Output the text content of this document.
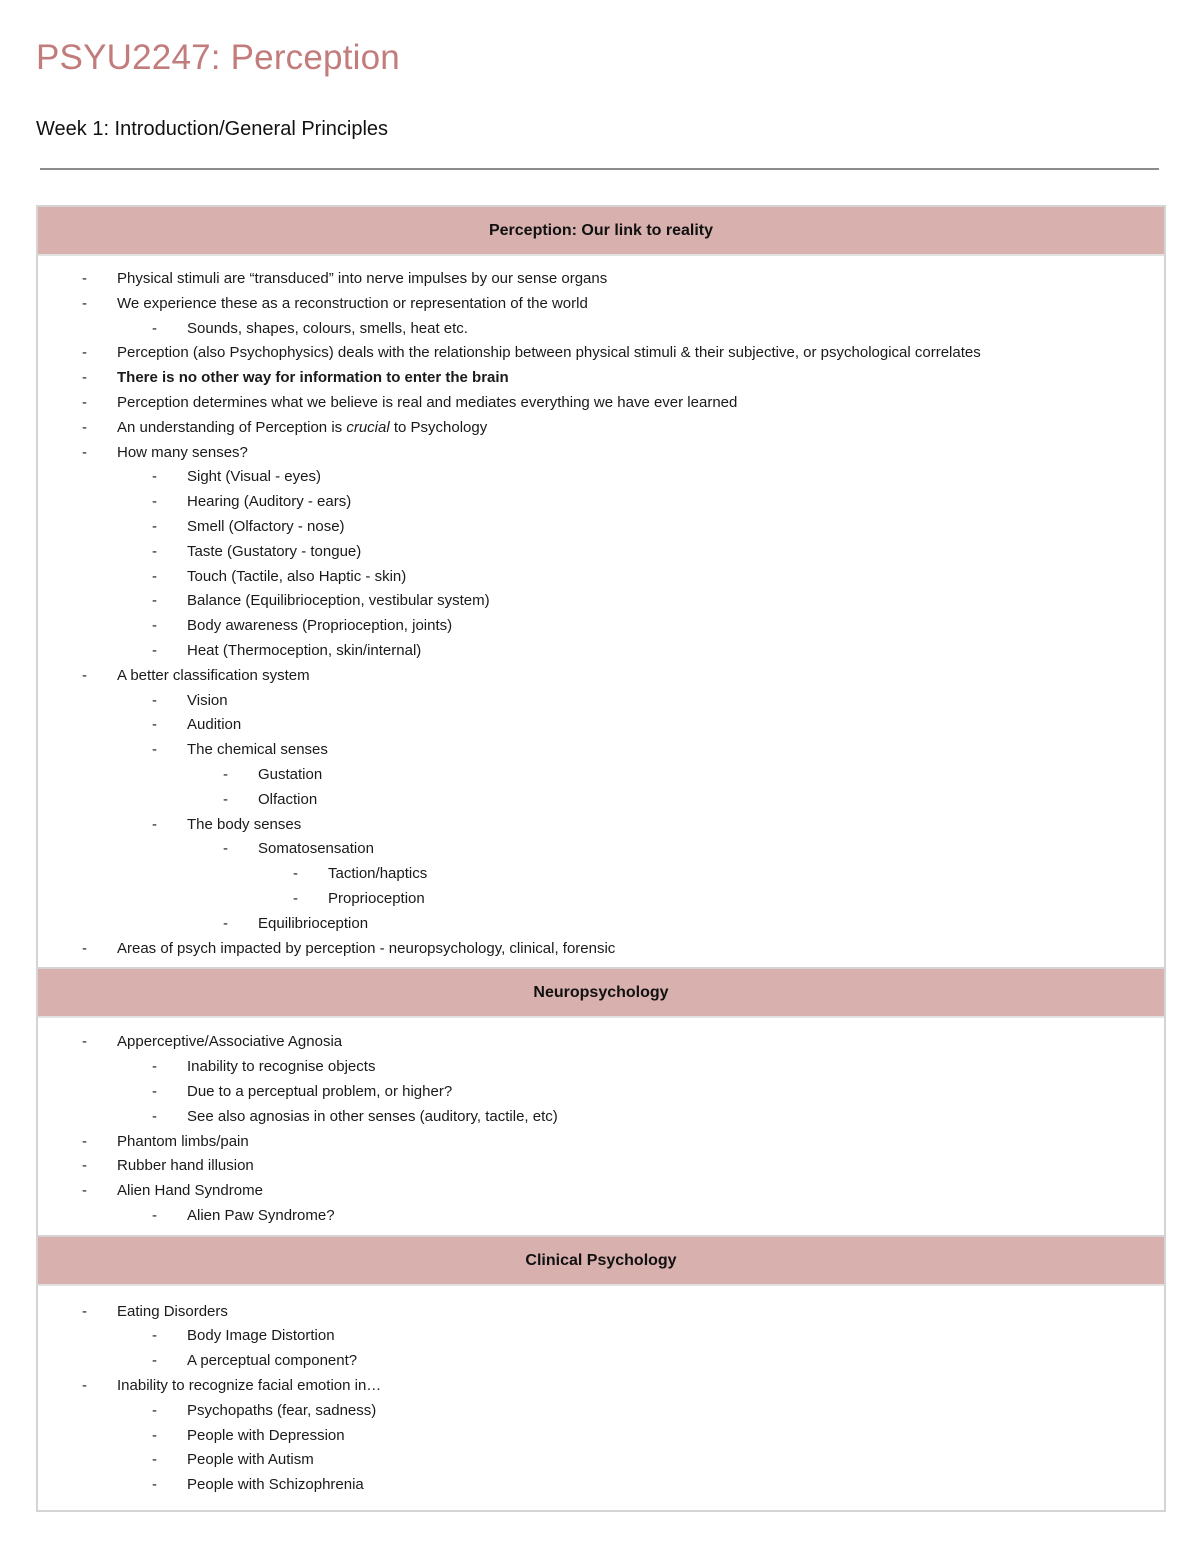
PSYU2247: Perception
Week 1: Introduction/General Principles
Perception: Our link to reality
- Physical stimuli are “transduced” into nerve impulses by our sense organs
- We experience these as a reconstruction or representation of the world
- Sounds, shapes, colours, smells, heat etc.
- Perception (also Psychophysics) deals with the relationship between physical stimuli & their subjective, or psychological correlates
- There is no other way for information to enter the brain
- Perception determines what we believe is real and mediates everything we have ever learned
- An understanding of Perception is crucial to Psychology
- How many senses?
- Sight (Visual - eyes)
- Hearing (Auditory - ears)
- Smell (Olfactory - nose)
- Taste (Gustatory - tongue)
- Touch (Tactile, also Haptic - skin)
- Balance (Equilibrioception, vestibular system)
- Body awareness (Proprioception, joints)
- Heat (Thermoception, skin/internal)
- A better classification system
- Vision
- Audition
- The chemical senses
- Gustation
- Olfaction
- The body senses
- Somatosensation
- Taction/haptics
- Proprioception
- Equilibrioception
- Areas of psych impacted by perception - neuropsychology, clinical, forensic
Neuropsychology
- Apperceptive/Associative Agnosia
- Inability to recognise objects
- Due to a perceptual problem, or higher?
- See also agnosias in other senses (auditory, tactile, etc)
- Phantom limbs/pain
- Rubber hand illusion
- Alien Hand Syndrome
- Alien Paw Syndrome?
Clinical Psychology
- Eating Disorders
- Body Image Distortion
- A perceptual component?
- Inability to recognize facial emotion in…
- Psychopaths (fear, sadness)
- People with Depression
- People with Autism
- People with Schizophrenia
